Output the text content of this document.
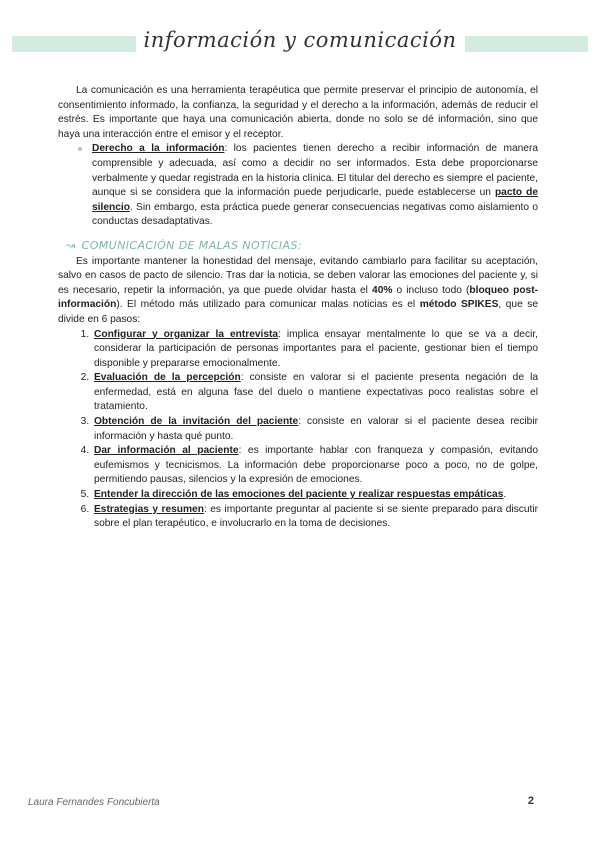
información y comunicación

La comunicación es una herramienta terapéutica que permite preservar el principio de autonomía, el consentimiento informado, la confianza, la seguridad y el derecho a la información, además de reducir el estrés. Es importante que haya una comunicación abierta, donde no solo se dé información, sino que haya una interacción entre el emisor y el receptor.

Derecho a la información: los pacientes tienen derecho a recibir información de manera comprensible y adecuada, así como a decidir no ser informados. Esta debe proporcionarse verbalmente y quedar registrada en la historia clínica. El titular del derecho es siempre el paciente, aunque si se considera que la información puede perjudicarle, puede establecerse un pacto de silencio. Sin embargo, esta práctica puede generar consecuencias negativas como aislamiento o conductas desadaptativas.
↝ COMUNICACIÓN DE MALAS NOTICIAS:

Es importante mantener la honestidad del mensaje, evitando cambiarlo para facilitar su aceptación, salvo en casos de pacto de silencio. Tras dar la noticia, se deben valorar las emociones del paciente y, si es necesario, repetir la información, ya que puede olvidar hasta el 40% o incluso todo (bloqueo post-información). El método más utilizado para comunicar malas noticias es el método SPIKES, que se divide en 6 pasos:

1. Configurar y organizar la entrevista: implica ensayar mentalmente lo que se va a decir, considerar la participación de personas importantes para el paciente, gestionar bien el tiempo disponible y prepararse emocionalmente.
2. Evaluación de la percepción: consiste en valorar si el paciente presenta negación de la enfermedad, está en alguna fase del duelo o mantiene expectativas poco realistas sobre el tratamiento.
3. Obtención de la invitación del paciente: consiste en valorar si el paciente desea recibir información y hasta qué punto.
4. Dar información al paciente: es importante hablar con franqueza y compasión, evitando eufemismos y tecnicismos. La información debe proporcionarse poco a poco, no de golpe, permitiendo pausas, silencios y la expresión de emociones.
5. Entender la dirección de las emociones del paciente y realizar respuestas empáticas.
6. Estrategias y resumen: es importante preguntar al paciente si se siente preparado para discutir sobre el plan terapéutico, e involucrarlo en la toma de decisiones.
Laura Fernandes Foncubierta	2
